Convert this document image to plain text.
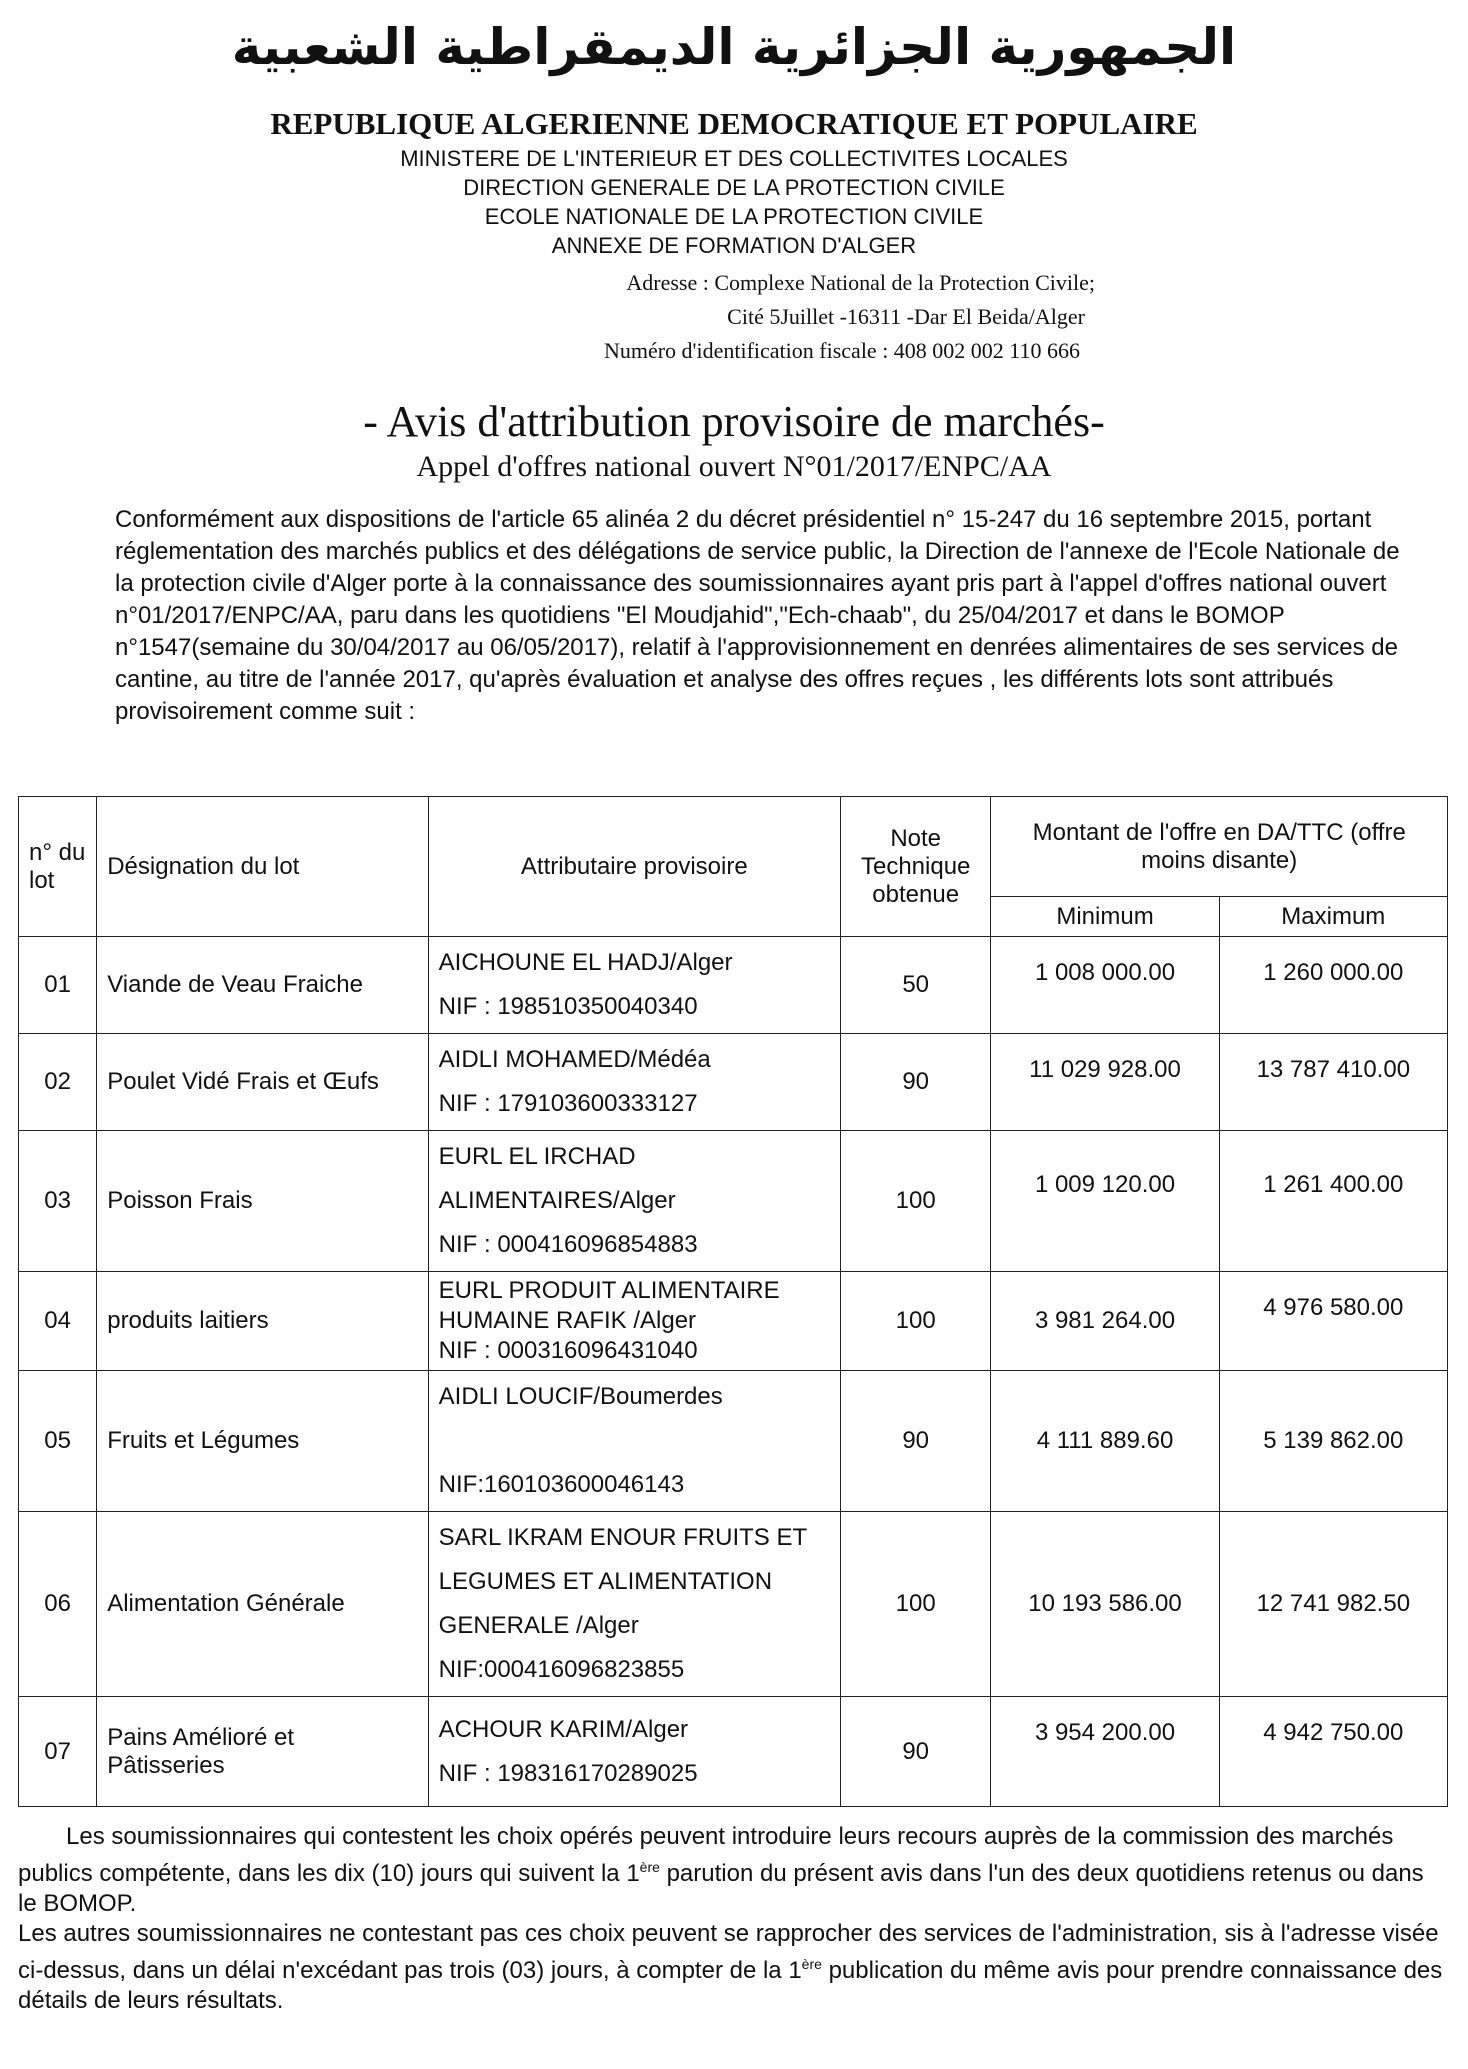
الجمهورية الجزائرية الديمقراطية الشعبية
REPUBLIQUE ALGERIENNE DEMOCRATIQUE ET POPULAIRE
MINISTERE DE L'INTERIEUR ET DES COLLECTIVITES LOCALES
DIRECTION GENERALE DE LA PROTECTION CIVILE
ECOLE NATIONALE DE LA PROTECTION CIVILE
ANNEXE DE FORMATION D'ALGER
Adresse : Complexe National de la Protection Civile;
Cité 5Juillet -16311 -Dar El Beida/Alger
Numéro d'identification fiscale : 408 002 002 110 666
- Avis d'attribution provisoire de marchés-
Appel d'offres national ouvert N°01/2017/ENPC/AA
Conformément aux dispositions de l'article 65 alinéa 2 du décret présidentiel n° 15-247 du 16 septembre 2015, portant réglementation des marchés publics et des délégations de service public, la Direction de l'annexe de l'Ecole Nationale de la protection civile d'Alger porte à la connaissance des soumissionnaires ayant pris part à l'appel d'offres national ouvert n°01/2017/ENPC/AA, paru dans les quotidiens "El Moudjahid","Ech-chaab", du 25/04/2017 et dans le BOMOP n°1547(semaine du 30/04/2017 au 06/05/2017), relatif à l'approvisionnement en denrées alimentaires de ses services de cantine, au titre de l'année 2017, qu'après évaluation et analyse des offres reçues , les différents lots sont attribués provisoirement comme suit :
n° du lot	Désignation du lot	Attributaire provisoire	Note Technique obtenue	Montant de l'offre en DA/TTC (offre moins disante)	
				Minimum	Maximum
01	Viande de Veau Fraiche	AICHOUNE EL HADJ/Alger
NIF : 198510350040340	50	1 008 000.00	1 260 000.00
02	Poulet Vidé Frais et Œufs	AIDLI MOHAMED/Médéa
NIF : 179103600333127	90	11 029 928.00	13 787 410.00
03	Poisson Frais	EURL EL IRCHAD
ALIMENTAIRES/Alger
NIF : 000416096854883	100	1 009 120.00	1 261 400.00
04	produits laitiers	EURL PRODUIT ALIMENTAIRE
HUMAINE RAFIK /Alger
NIF : 000316096431040	100	3 981 264.00	4 976 580.00
05	Fruits et Légumes	AIDLI LOUCIF/Boumerdes

NIF:160103600046143	90	4 111 889.60	5 139 862.00
06	Alimentation Générale	SARL IKRAM ENOUR FRUITS ET
LEGUMES ET ALIMENTATION
GENERALE /Alger
NIF:000416096823855	100	10 193 586.00	12 741 982.50
07	Pains Amélioré et Pâtisseries	ACHOUR KARIM/Alger
NIF : 198316170289025	90	3 954 200.00	4 942 750.00

Les soumissionnaires qui contestent les choix opérés peuvent introduire leurs recours auprès de la commission des marchés publics compétente, dans les dix (10) jours qui suivent la 1ère parution du présent avis dans l'un des deux quotidiens retenus ou dans le BOMOP.

Les autres soumissionnaires ne contestant pas ces choix peuvent se rapprocher des services de l'administration, sis à l'adresse visée ci-dessus, dans un délai n'excédant pas trois (03) jours, à compter de la 1ère publication du même avis pour prendre connaissance des détails de leurs résultats.
